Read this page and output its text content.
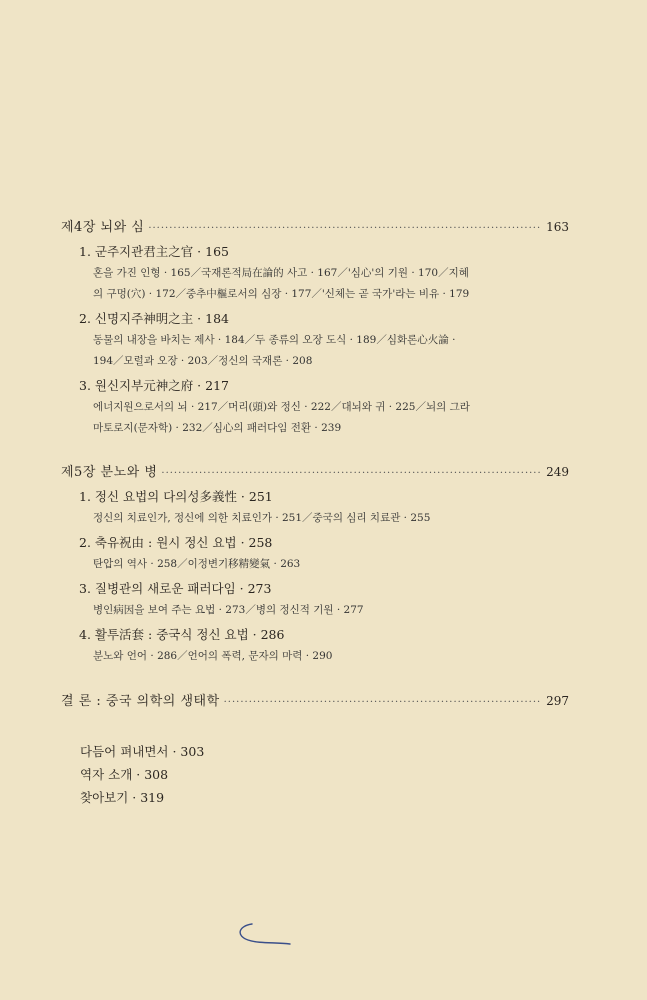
제4장 뇌와 심 ·····	163
1. 군주지관君主之官 · 165
혼을 가진 인형 · 165／국재론적局在論的 사고 · 167／'심心'의 기원 · 170／지혜
의 구멍(穴) · 172／중추中樞로서의 심장 · 177／'신체는 곧 국가'라는 비유 · 179
2. 신명지주神明之主 · 184
동물의 내장을 바치는 제사 · 184／두 종류의 오장 도식 · 189／심화론心火論 ·
194／모럴과 오장 · 203／정신의 국재론 · 208
3. 원신지부元神之府 · 217
에너지원으로서의 뇌 · 217／머리(頭)와 정신 · 222／대뇌와 귀 · 225／뇌의 그라
마토로지(문자학) · 232／심心의 패러다임 전환 · 239
제5장 분노와 병 ·····	249
1. 정신 요법의 다의성多義性 · 251
정신의 치료인가, 정신에 의한 치료인가 · 251／중국의 심리 치료관 · 255
2. 축유祝由 : 원시 정신 요법 · 258
탄압의 역사 · 258／이정변기移精變氣 · 263
3. 질병관의 새로운 패러다임 · 273
병인病因을 보여 주는 요법 · 273／병의 정신적 기원 · 277
4. 활투活套 : 중국식 정신 요법 · 286
분노와 언어 · 286／언어의 폭력, 문자의 마력 · 290
결 론 : 중국 의학의 생태학 ·····	297
다듬어 펴내면서 · 303
역자 소개 · 308
찾아보기 · 319
